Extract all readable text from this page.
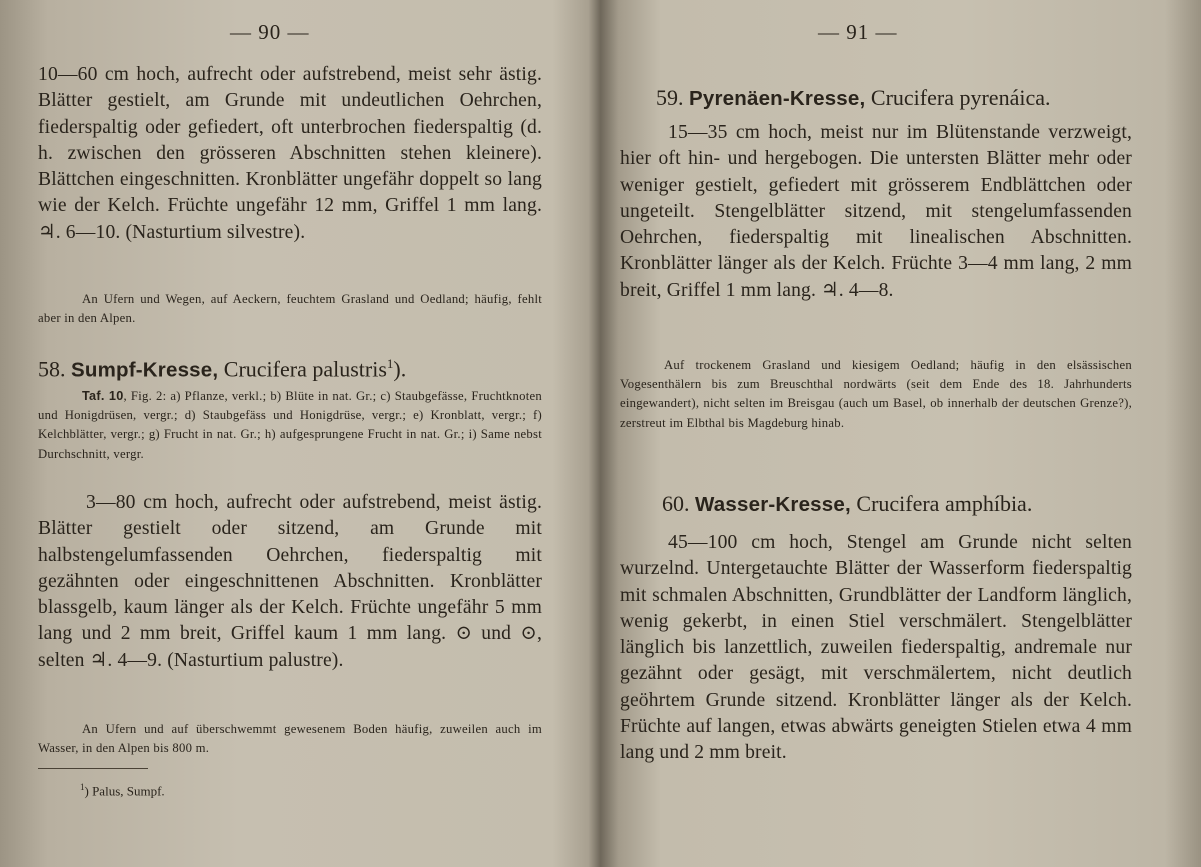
— 90 —

10—60 cm hoch, aufrecht oder aufstrebend, meist sehr ästig. Blätter gestielt, am Grunde mit undeutlichen Oehrchen, fiederspaltig oder gefiedert, oft unterbrochen fiederspaltig (d. h. zwischen den grösseren Abschnitten stehen kleinere). Blättchen eingeschnitten. Kronblätter ungefähr doppelt so lang wie der Kelch. Früchte ungefähr 12 mm, Griffel 1 mm lang. ♃. 6—10. (Nasturtium silvestre).

An Ufern und Wegen, auf Aeckern, feuchtem Grasland und Oedland; häufig, fehlt aber in den Alpen.

58. Sumpf-Kresse, Crucifera palustris$^1$).

Taf. 10, Fig. 2: a) Pflanze, verkl.; b) Blüte in nat. Gr.; c) Staubgefässe, Fruchtknoten und Honigdrüsen, vergr.; d) Staubgefäss und Honigdrüse, vergr.; e) Kronblatt, vergr.; f) Kelchblätter, vergr.; g) Frucht in nat. Gr.; h) aufgesprungene Frucht in nat. Gr.; i) Same nebst Durchschnitt, vergr.

3—80 cm hoch, aufrecht oder aufstrebend, meist ästig. Blätter gestielt oder sitzend, am Grunde mit halbstengelumfassenden Oehrchen, fiederspaltig mit gezähnten oder eingeschnittenen Abschnitten. Kronblätter blassgelb, kaum länger als der Kelch. Früchte ungefähr 5 mm lang und 2 mm breit, Griffel kaum 1 mm lang. ⊙ und ⊙, selten ♃. 4—9. (Nasturtium palustre).

An Ufern und auf überschwemmt gewesenem Boden häufig, zuweilen auch im Wasser, in den Alpen bis 800 m.

$^1$) Palus, Sumpf.

— 91 —
59. Pyrenäen-Kresse, Crucifera pyrenáica.

15—35 cm hoch, meist nur im Blütenstande verzweigt, hier oft hin- und hergebogen. Die untersten Blätter mehr oder weniger gestielt, gefiedert mit grösserem Endblättchen oder ungeteilt. Stengelblätter sitzend, mit stengelumfassenden Oehrchen, fiederspaltig mit linealischen Abschnitten. Kronblätter länger als der Kelch. Früchte 3—4 mm lang, 2 mm breit, Griffel 1 mm lang. ♃. 4—8.

Auf trockenem Grasland und kiesigem Oedland; häufig in den elsässischen Vogesenthälern bis zum Breuschthal nordwärts (seit dem Ende des 18. Jahrhunderts eingewandert), nicht selten im Breisgau (auch um Basel, ob innerhalb der deutschen Grenze?), zerstreut im Elbthal bis Magdeburg hinab.

60. Wasser-Kresse, Crucifera amphíbia.

45—100 cm hoch, Stengel am Grunde nicht selten wurzelnd. Untergetauchte Blätter der Wasserform fiederspaltig mit schmalen Abschnitten, Grundblätter der Landform länglich, wenig gekerbt, in einen Stiel verschmälert. Stengelblätter länglich bis lanzettlich, zuweilen fiederspaltig, andremale nur gezähnt oder gesägt, mit verschmälertem, nicht deutlich geöhrtem Grunde sitzend. Kronblätter länger als der Kelch. Früchte auf langen, etwas abwärts geneigten Stielen etwa 4 mm lang und 2 mm breit.
